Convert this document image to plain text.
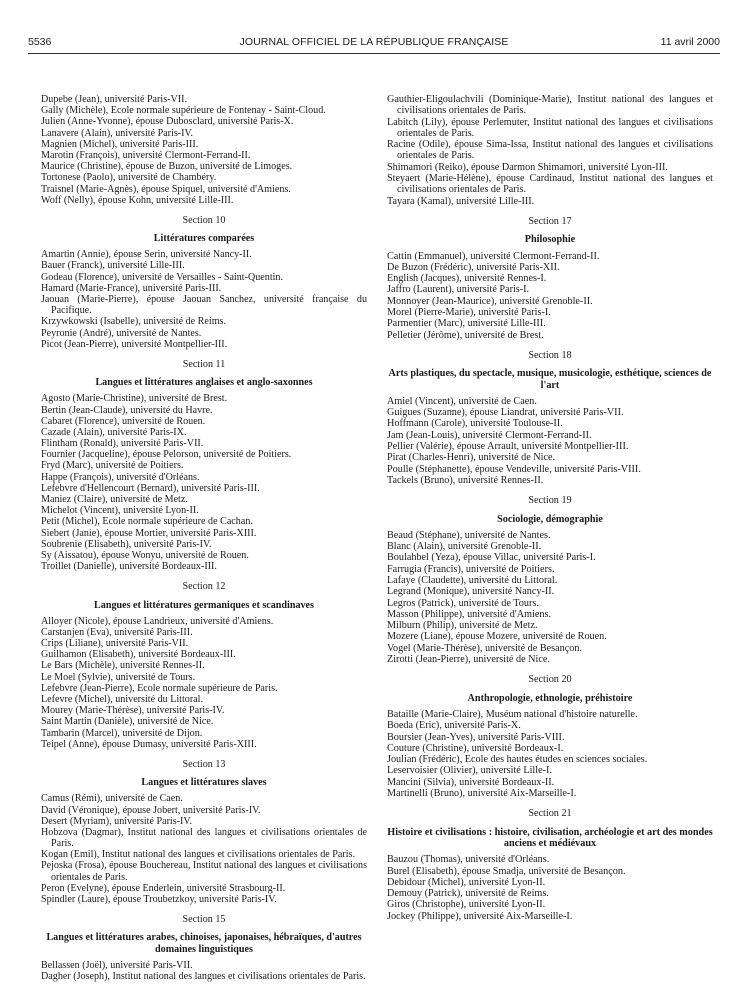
5536	JOURNAL OFFICIEL DE LA RÉPUBLIQUE FRANÇAISE	11 avril 2000
Dupebe (Jean), université Paris-VII.
Gally (Michèle), Ecole normale supérieure de Fontenay - Saint-Cloud.
Julien (Anne-Yvonne), épouse Dubosclard, université Paris-X.
Lanavere (Alain), université Paris-IV.
Magnien (Michel), université Paris-III.
Marotin (François), université Clermont-Ferrand-II.
Maurice (Christine), épouse de Buzon, université de Limoges.
Tortonese (Paolo), université de Chambéry.
Traisnel (Marie-Agnès), épouse Spiquel, université d'Amiens.
Woff (Nelly), épouse Kohn, université Lille-III.
Section 10
Littératures comparées
Amartin (Annie), épouse Serin, université Nancy-II.
Bauer (Franck), université Lille-III.
Godeau (Florence), université de Versailles - Saint-Quentin.
Hamard (Marie-France), université Paris-III.
Jaouan (Marie-Pierre), épouse Jaouan Sanchez, université française du Pacifique.
Krzywkowski (Isabelle), université de Reims.
Peyronie (André), université de Nantes.
Picot (Jean-Pierre), université Montpellier-III.
Section 11
Langues et littératures anglaises et anglo-saxonnes
Agosto (Marie-Christine), université de Brest.
Bertin (Jean-Claude), université du Havre.
Cabaret (Florence), université de Rouen.
Cazade (Alain), université Paris-IX.
Flintham (Ronald), université Paris-VII.
Fournier (Jacqueline), épouse Pelorson, université de Poitiers.
Fryd (Marc), université de Poitiers.
Happe (François), université d'Orléans.
Lefebvre d'Hellencourt (Bernard), université Paris-III.
Maniez (Claire), université de Metz.
Michelot (Vincent), université Lyon-II.
Petit (Michel), Ecole normale supérieure de Cachan.
Siebert (Janie), épouse Mortier, université Paris-XIII.
Soubrenie (Elisabeth), université Paris-IV.
Sy (Aissatou), épouse Wonyu, université de Rouen.
Troillet (Danielle), université Bordeaux-III.
Section 12
Langues et littératures germaniques et scandinaves
Alloyer (Nicole), épouse Landrieux, université d'Amiens.
Carstanjen (Eva), université Paris-III.
Crips (Liliane), université Paris-VII.
Guilhamon (Elisabeth), université Bordeaux-III.
Le Bars (Michèle), université Rennes-II.
Le Moel (Sylvie), université de Tours.
Lefebvre (Jean-Pierre), Ecole normale supérieure de Paris.
Lefevre (Michel), université du Littoral.
Mourey (Marie-Thérèse), université Paris-IV.
Saint Martin (Danièle), université de Nice.
Tambarin (Marcel), université de Dijon.
Teipel (Anne), épouse Dumasy, université Paris-XIII.
Section 13
Langues et littératures slaves
Camus (Rémi), université de Caen.
David (Véronique), épouse Jobert, université Paris-IV.
Desert (Myriam), université Paris-IV.
Hobzova (Dagmar), Institut national des langues et civilisations orientales de Paris.
Kogan (Emil), Institut national des langues et civilisations orientales de Paris.
Pejoska (Frosa), épouse Bouchereau, Institut national des langues et civilisations orientales de Paris.
Peron (Evelyne), épouse Enderlein, université Strasbourg-II.
Spindler (Laure), épouse Troubetzkoy, université Paris-IV.
Section 15
Langues et littératures arabes, chinoises, japonaises, hébraïques, d'autres domaines linguistiques
Bellassen (Joël), université Paris-VII.
Dagher (Joseph), Institut national des langues et civilisations orientales de Paris.
Gauthier-Eligoulachvili (Dominique-Marie), Institut national des langues et civilisations orientales de Paris.
Labitch (Lily), épouse Perlemuter, Institut national des langues et civilisations orientales de Paris.
Racine (Odile), épouse Sima-Issa, Institut national des langues et civilisations orientales de Paris.
Shimamori (Reiko), épouse Darmon Shimamori, université Lyon-III.
Steyaert (Marie-Hélène), épouse Cardinaud, Institut national des langues et civilisations orientales de Paris.
Tayara (Kamal), université Lille-III.
Section 17
Philosophie
Cattin (Emmanuel), université Clermont-Ferrand-II.
De Buzon (Frédéric), université Paris-XII.
English (Jacques), université Rennes-I.
Jaffro (Laurent), université Paris-I.
Monnoyer (Jean-Maurice), université Grenoble-II.
Morel (Pierre-Marie), université Paris-I.
Parmentier (Marc), université Lille-III.
Pelletier (Jérôme), université de Brest.
Section 18
Arts plastiques, du spectacle, musique, musicologie, esthétique, sciences de l'art
Amiel (Vincent), université de Caen.
Guigues (Suzanne), épouse Liandrat, université Paris-VII.
Hoffmann (Carole), université Toulouse-II.
Jam (Jean-Louis), université Clermont-Ferrand-II.
Pellier (Valérie), épouse Arrault, université Montpellier-III.
Pirat (Charles-Henri), université de Nice.
Poulle (Stéphanette), épouse Vendeville, université Paris-VIII.
Tackels (Bruno), université Rennes-II.
Section 19
Sociologie, démographie
Beaud (Stéphane), université de Nantes.
Blanc (Alain), université Grenoble-II.
Boulahbel (Yeza), épouse Villac, université Paris-I.
Farrugia (Francis), université de Poitiers.
Lafaye (Claudette), université du Littoral.
Legrand (Monique), université Nancy-II.
Legros (Patrick), université de Tours.
Masson (Philippe), université d'Amiens.
Milburn (Philip), université de Metz.
Mozere (Liane), épouse Mozere, université de Rouen.
Vogel (Marie-Thérèse), université de Besançon.
Zirotti (Jean-Pierre), université de Nice.
Section 20
Anthropologie, ethnologie, préhistoire
Bataille (Marie-Claire), Muséum national d'histoire naturelle.
Boeda (Eric), université Paris-X.
Boursier (Jean-Yves), université Paris-VIII.
Couture (Christine), université Bordeaux-I.
Joulian (Frédéric), Ecole des hautes études en sciences sociales.
Leservoisier (Olivier), université Lille-I.
Mancini (Silvia), université Bordeaux-II.
Martinelli (Bruno), université Aix-Marseille-I.
Section 21
Histoire et civilisations : histoire, civilisation, archéologie et art des mondes anciens et médiévaux
Bauzou (Thomas), université d'Orléans.
Burel (Elisabeth), épouse Smadja, université de Besançon.
Debidour (Michel), université Lyon-II.
Demouy (Patrick), université de Reims.
Giros (Christophe), université Lyon-II.
Jockey (Philippe), université Aix-Marseille-I.
